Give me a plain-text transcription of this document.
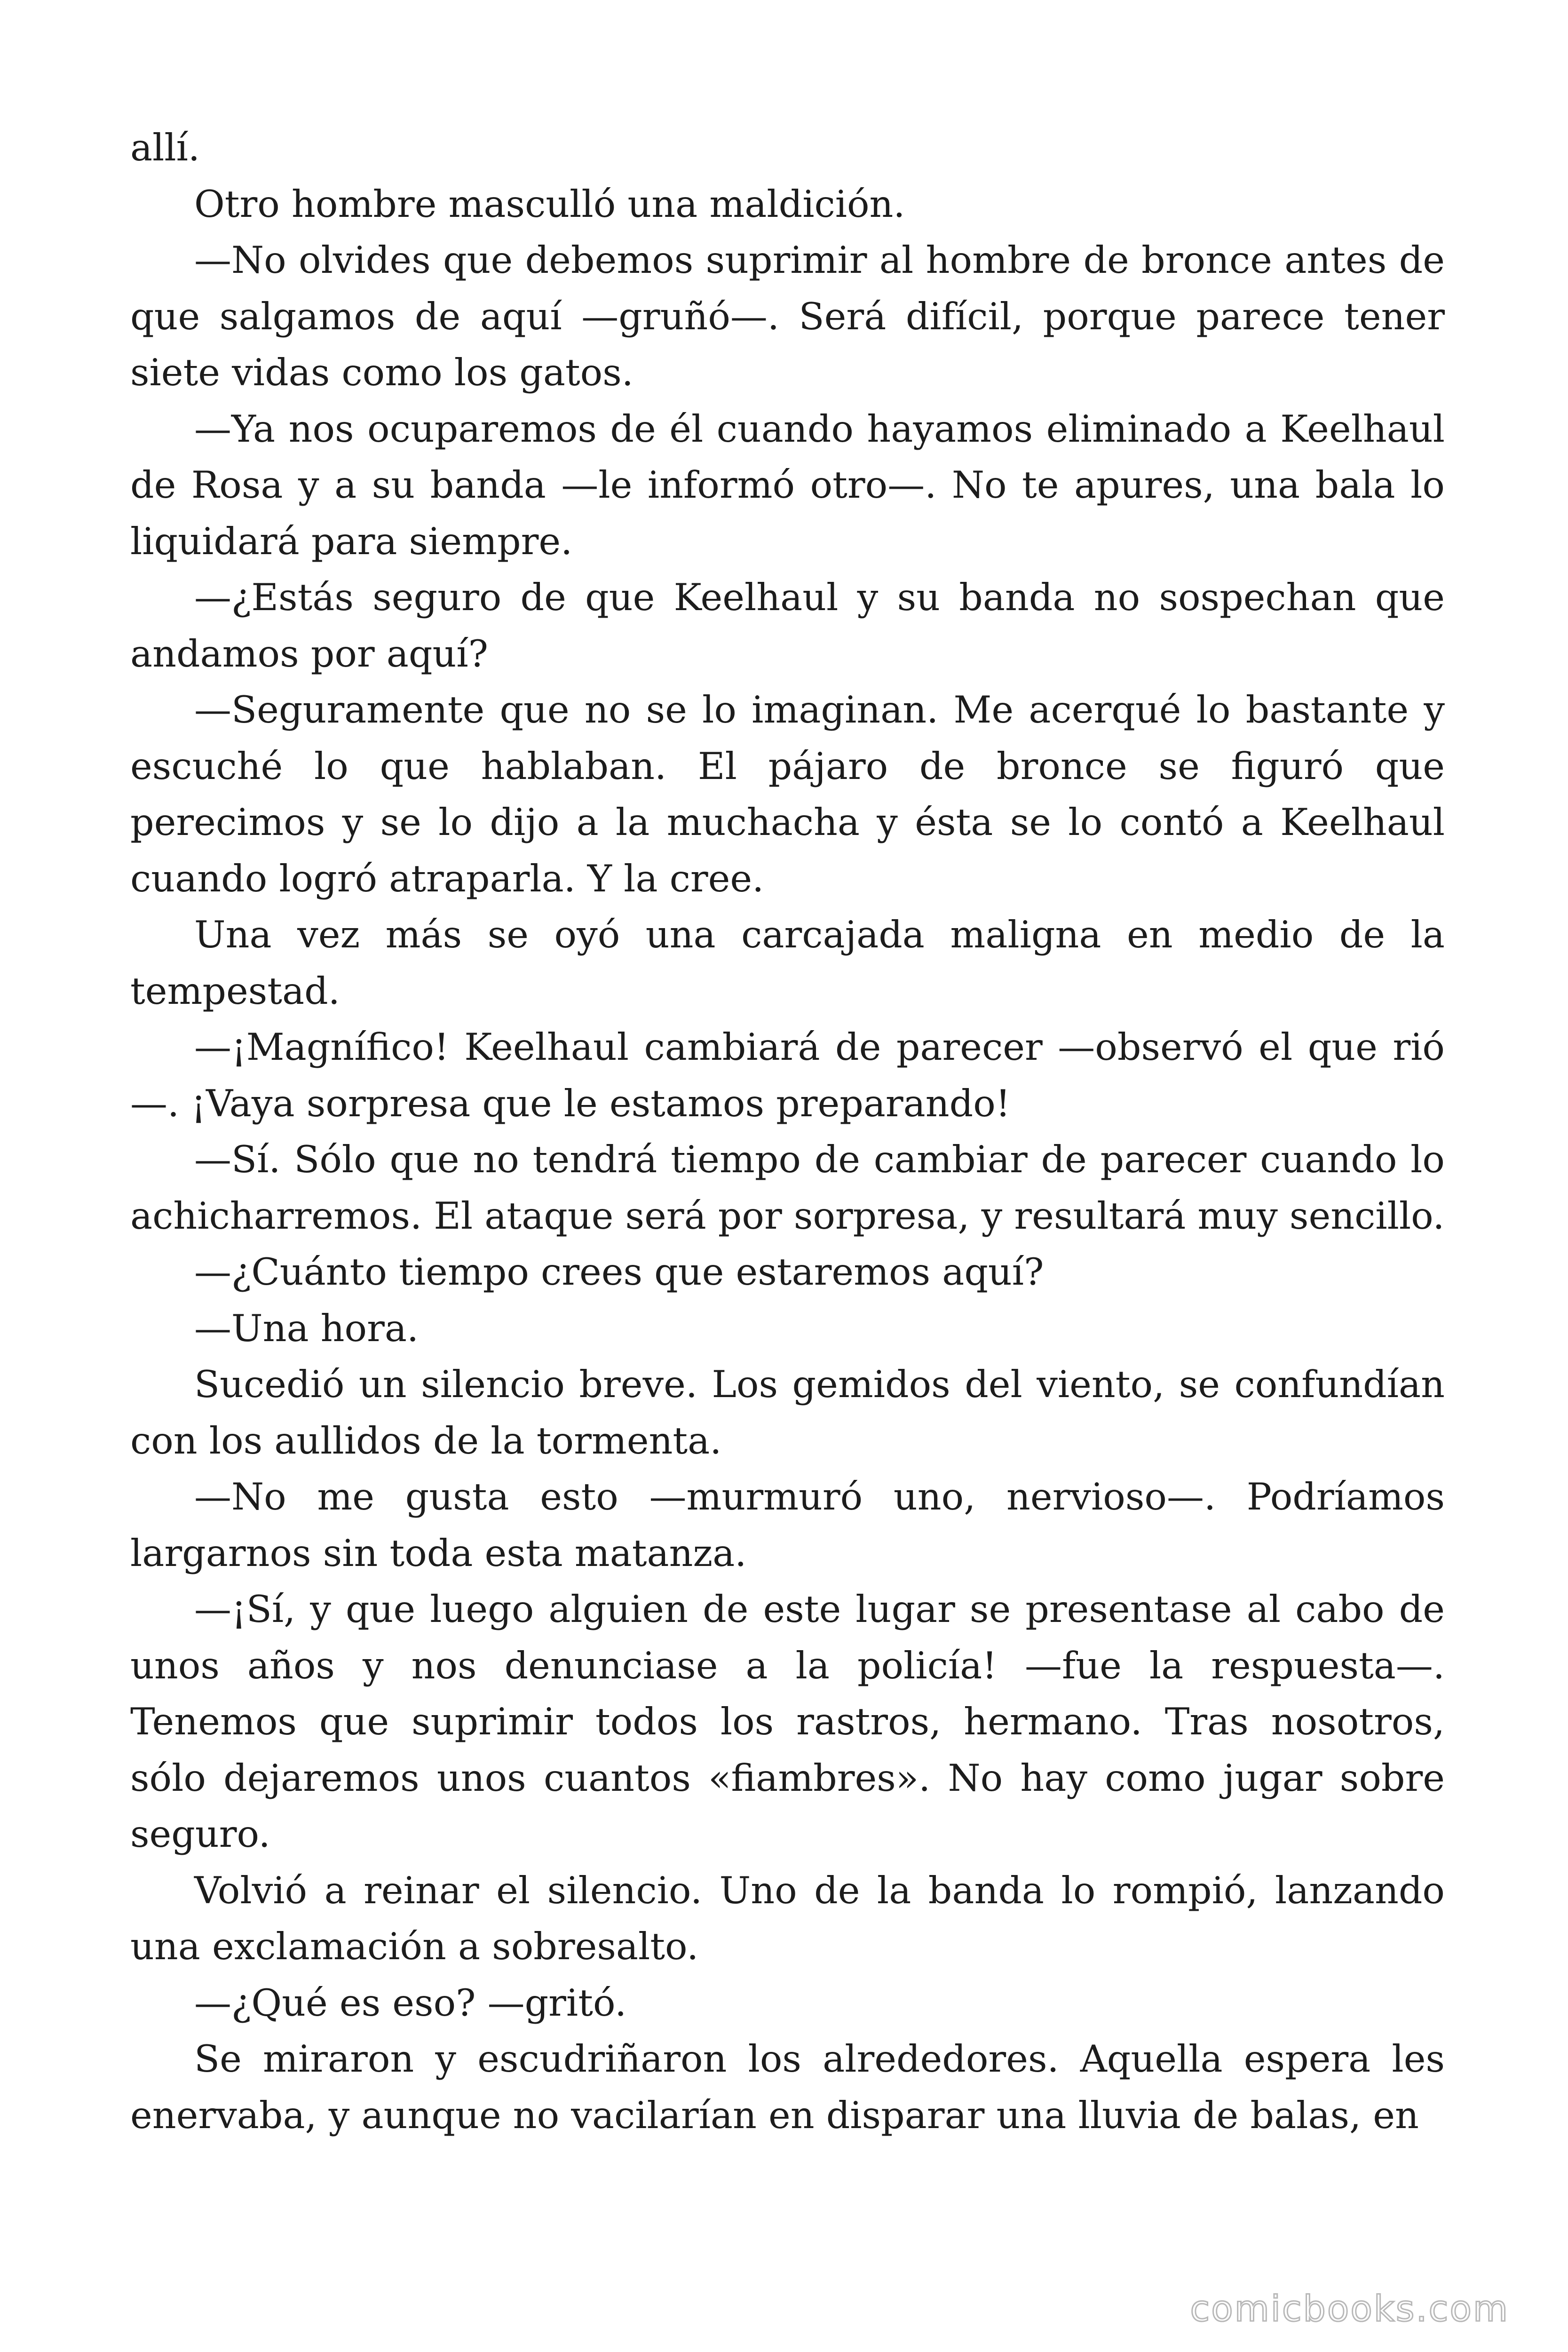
allí.

Otro hombre masculló una maldición.

—No olvides que debemos suprimir al hombre de bronce antes de que salgamos de aquí —gruñó—. Será difícil, porque parece tener siete vidas como los gatos.

—Ya nos ocuparemos de él cuando hayamos eliminado a Keelhaul de Rosa y a su banda —le informó otro—. No te apures, una bala lo liquidará para siempre.

—¿Estás seguro de que Keelhaul y su banda no sospechan que andamos por aquí?

—Seguramente que no se lo imaginan. Me acerqué lo bastante y escuché lo que hablaban. El pájaro de bronce se figuró que perecimos y se lo dijo a la muchacha y ésta se lo contó a Keelhaul cuando logró atraparla. Y la cree.

Una vez más se oyó una carcajada maligna en medio de la tempestad.

—¡Magnífico! Keelhaul cambiará de parecer —observó el que rió —. ¡Vaya sorpresa que le estamos preparando!

—Sí. Sólo que no tendrá tiempo de cambiar de parecer cuando lo achicharremos. El ataque será por sorpresa, y resultará muy sencillo.

—¿Cuánto tiempo crees que estaremos aquí?

—Una hora.

Sucedió un silencio breve. Los gemidos del viento, se confundían con los aullidos de la tormenta.

—No me gusta esto —murmuró uno, nervioso—. Podríamos largarnos sin toda esta matanza.

—¡Sí, y que luego alguien de este lugar se presentase al cabo de unos años y nos denunciase a la policía! —fue la respuesta—. Tenemos que suprimir todos los rastros, hermano. Tras nosotros, sólo dejaremos unos cuantos «fiambres». No hay como jugar sobre seguro.

Volvió a reinar el silencio. Uno de la banda lo rompió, lanzando una exclamación a sobresalto.

—¿Qué es eso? —gritó.

Se miraron y escudriñaron los alrededores. Aquella espera les enervaba, y aunque no vacilarían en disparar una lluvia de balas, en

comicbooks.com
